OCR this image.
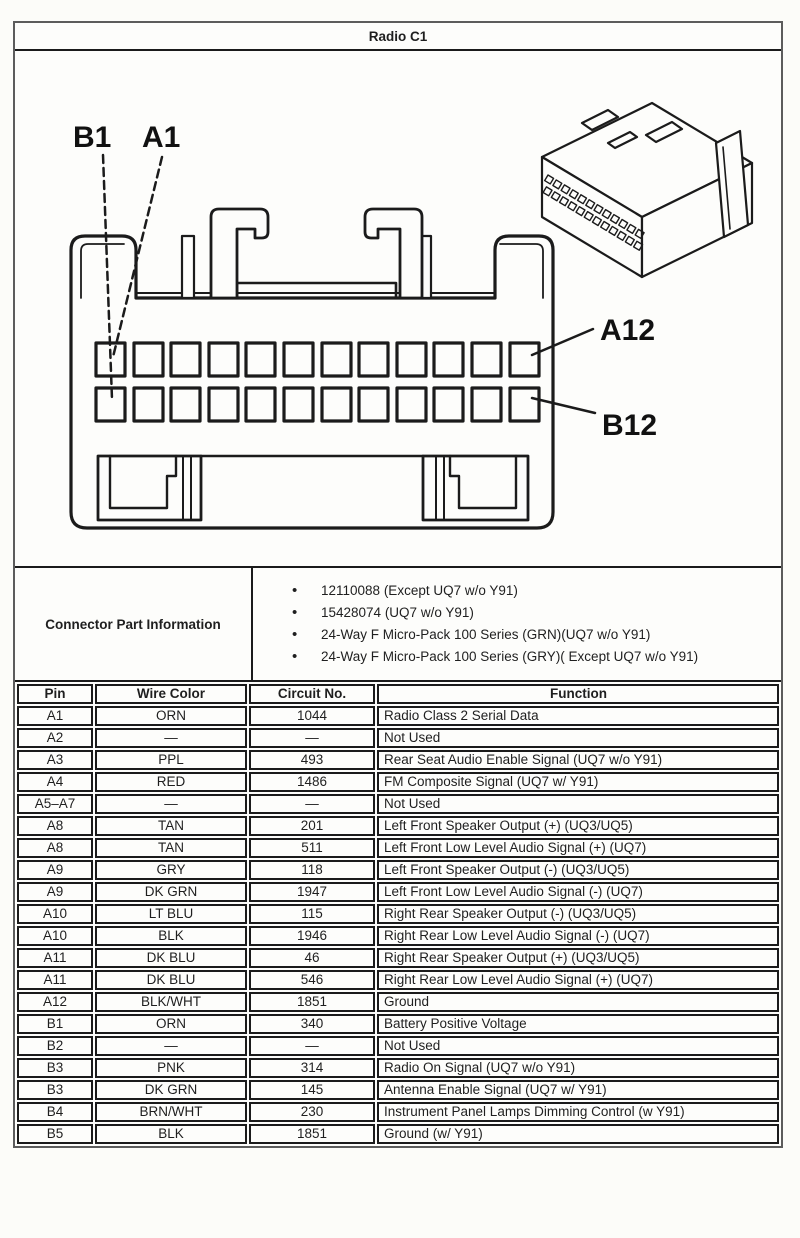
Radio C1
B1 A1
A12
B12
Connector Part Information
• 12110088 (Except UQ7 w/o Y91)
• 15428074 (UQ7 w/o Y91)
• 24-Way F Micro-Pack 100 Series (GRN)(UQ7 w/o Y91)
• 24-Way F Micro-Pack 100 Series (GRY)( Except UQ7 w/o Y91)
Pin	Wire Color	Circuit No.	Function
A1	ORN	1044	Radio Class 2 Serial Data
A2	—	—	Not Used
A3	PPL	493	Rear Seat Audio Enable Signal (UQ7 w/o Y91)
A4	RED	1486	FM Composite Signal (UQ7 w/ Y91)
A5–A7	—	—	Not Used
A8	TAN	201	Left Front Speaker Output (+) (UQ3/UQ5)
A8	TAN	511	Left Front Low Level Audio Signal (+) (UQ7)
A9	GRY	118	Left Front Speaker Output (-) (UQ3/UQ5)
A9	DK GRN	1947	Left Front Low Level Audio Signal (-) (UQ7)
A10	LT BLU	115	Right Rear Speaker Output (-) (UQ3/UQ5)
A10	BLK	1946	Right Rear Low Level Audio Signal (-) (UQ7)
A11	DK BLU	46	Right Rear Speaker Output (+) (UQ3/UQ5)
A11	DK BLU	546	Right Rear Low Level Audio Signal (+) (UQ7)
A12	BLK/WHT	1851	Ground
B1	ORN	340	Battery Positive Voltage
B2	—	—	Not Used
B3	PNK	314	Radio On Signal (UQ7 w/o Y91)
B3	DK GRN	145	Antenna Enable Signal (UQ7 w/ Y91)
B4	BRN/WHT	230	Instrument Panel Lamps Dimming Control (w Y91)
B5	BLK	1851	Ground (w/ Y91)
